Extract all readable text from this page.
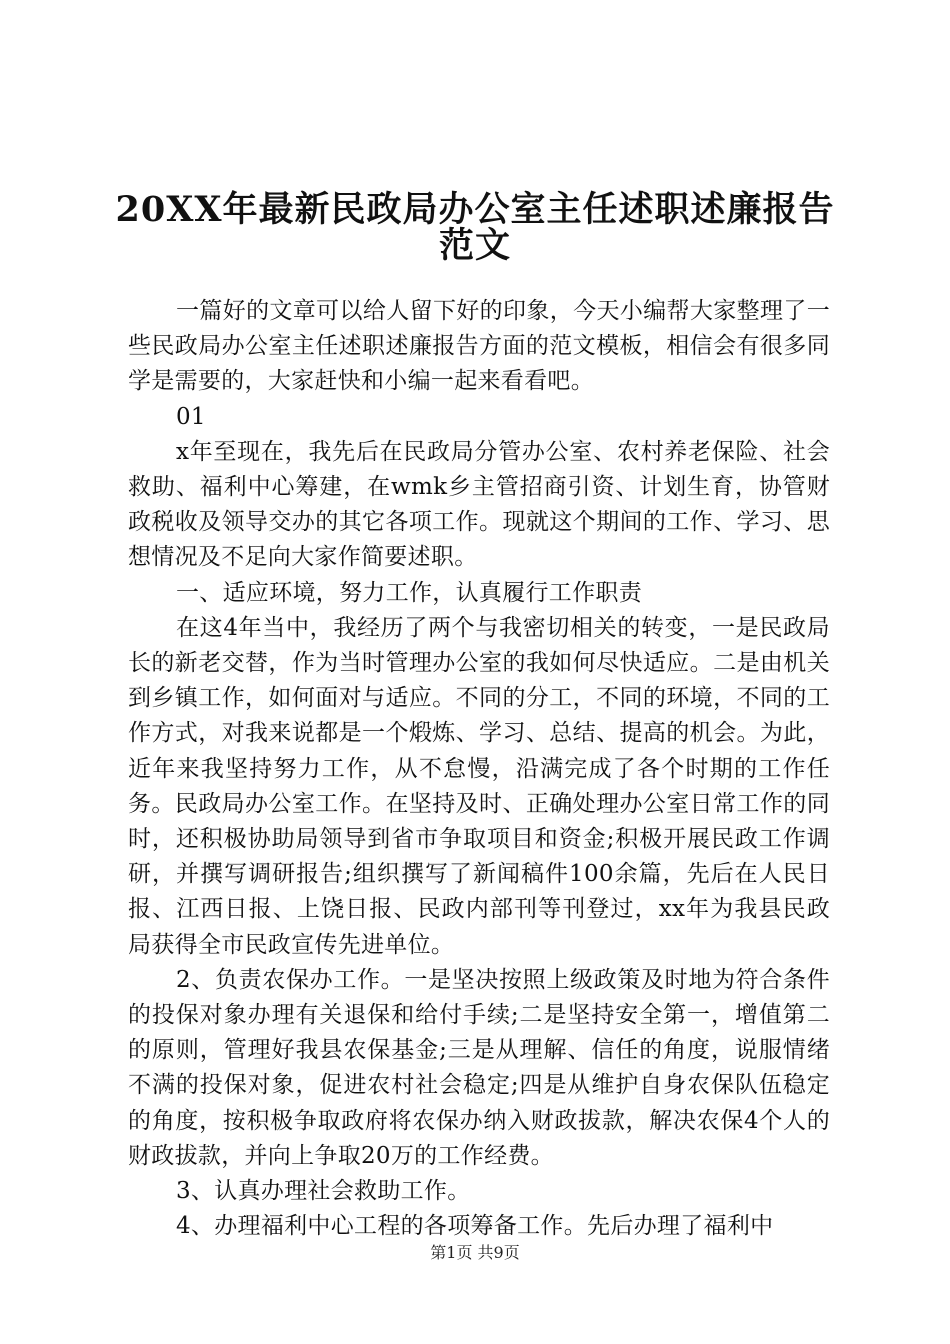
20XX年最新民政局办公室主任述职述廉报告
范文

一篇好的文章可以给人留下好的印象，今天小编帮大家整理了一些民政局办公室主任述职述廉报告方面的范文模板，相信会有很多同学是需要的，大家赶快和小编一起来看看吧。

01

x年至现在，我先后在民政局分管办公室、农村养老保险、社会救助、福利中心筹建，在wmk乡主管招商引资、计划生育，协管财政税收及领导交办的其它各项工作。现就这个期间的工作、学习、思想情况及不足向大家作简要述职。

一、适应环境，努力工作，认真履行工作职责

在这4年当中，我经历了两个与我密切相关的转变，一是民政局长的新老交替，作为当时管理办公室的我如何尽快适应。二是由机关到乡镇工作，如何面对与适应。不同的分工，不同的环境，不同的工作方式，对我来说都是一个煅炼、学习、总结、提高的机会。为此，近年来我坚持努力工作，从不怠慢，沿满完成了各个时期的工作任务。民政局办公室工作。在坚持及时、正确处理办公室日常工作的同时，还积极协助局领导到省市争取项目和资金;积极开展民政工作调研，并撰写调研报告;组织撰写了新闻稿件100余篇，先后在人民日报、江西日报、上饶日报、民政内部刊等刊登过，xx年为我县民政局获得全市民政宣传先进单位。

2、负责农保办工作。一是坚决按照上级政策及时地为符合条件的投保对象办理有关退保和给付手续;二是坚持安全第一，增值第二的原则，管理好我县农保基金;三是从理解、信任的角度，说服情绪不满的投保对象，促进农村社会稳定;四是从维护自身农保队伍稳定的角度，按积极争取政府将农保办纳入财政拔款，解决农保4个人的财政拔款，并向上争取20万的工作经费。

3、认真办理社会救助工作。

4、办理福利中心工程的各项筹备工作。先后办理了福利中

第1页 共9页
